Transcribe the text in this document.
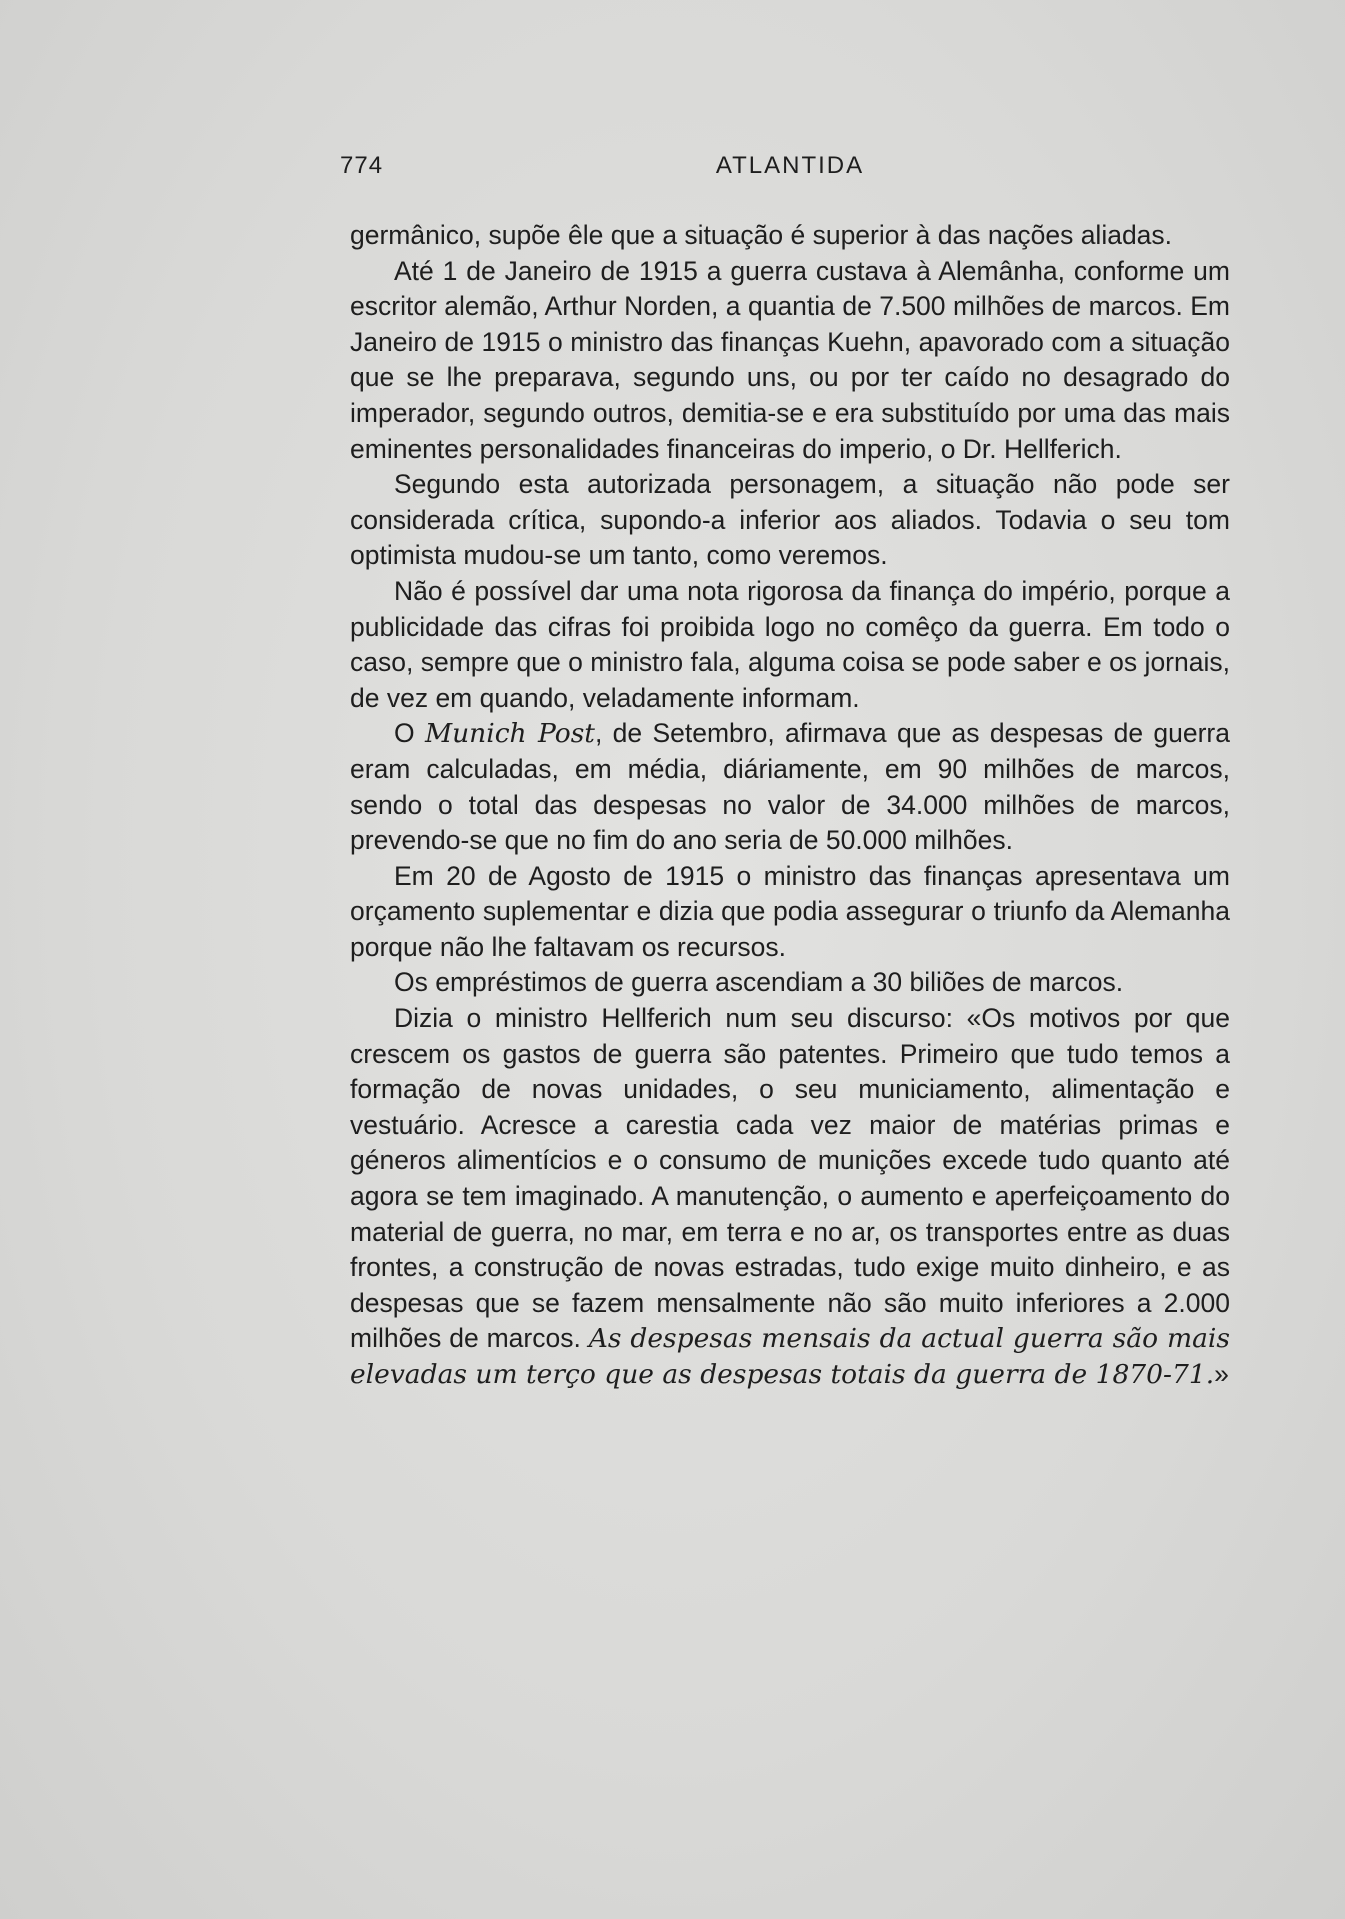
774	ATLANTIDA

germânico, supõe êle que a situação é superior à das nações aliadas.

Até 1 de Janeiro de 1915 a guerra custava à Alemânha, conforme um escritor alemão, Arthur Norden, a quantia de 7.500 milhões de marcos. Em Janeiro de 1915 o ministro das finanças Kuehn, apavorado com a situação que se lhe preparava, segundo uns, ou por ter caído no desagrado do imperador, segundo outros, demitia-se e era substituído por uma das mais eminentes personalidades financeiras do imperio, o Dr. Hellferich.

Segundo esta autorizada personagem, a situação não pode ser considerada crítica, supondo-a inferior aos aliados. Todavia o seu tom optimista mudou-se um tanto, como veremos.

Não é possível dar uma nota rigorosa da finança do império, porque a publicidade das cifras foi proibida logo no comêço da guerra. Em todo o caso, sempre que o ministro fala, alguma coisa se pode saber e os jornais, de vez em quando, veladamente informam.

O Munich Post, de Setembro, afirmava que as despesas de guerra eram calculadas, em média, diáriamente, em 90 milhões de marcos, sendo o total das despesas no valor de 34.000 milhões de marcos, prevendo-se que no fim do ano seria de 50.000 milhões.

Em 20 de Agosto de 1915 o ministro das finanças apresentava um orçamento suplementar e dizia que podia assegurar o triunfo da Alemanha porque não lhe faltavam os recursos.

Os empréstimos de guerra ascendiam a 30 biliões de marcos.

Dizia o ministro Hellferich num seu discurso: «Os motivos por que crescem os gastos de guerra são patentes. Primeiro que tudo temos a formação de novas unidades, o seu municiamento, alimentação e vestuário. Acresce a carestia cada vez maior de matérias primas e géneros alimentícios e o consumo de munições excede tudo quanto até agora se tem imaginado. A manutenção, o aumento e aperfeiçoamento do material de guerra, no mar, em terra e no ar, os transportes entre as duas frontes, a construção de novas estradas, tudo exige muito dinheiro, e as despesas que se fazem mensalmente não são muito inferiores a 2.000 milhões de marcos. As despesas mensais da actual guerra são mais elevadas um terço que as despesas totais da guerra de 1870-71.»
